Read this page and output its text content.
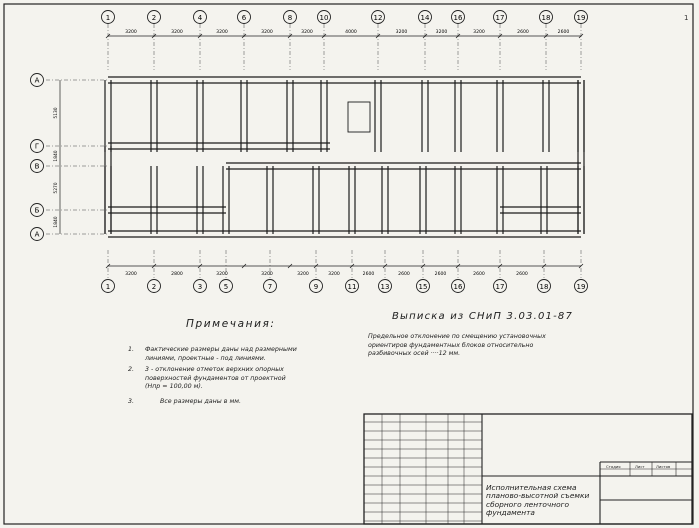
1	2	4	6	8	10	12	14	16	17	18	19
1	2	3	5	7	9	11	13	15	16	17	18	19
A
Г
B
Б
А
3200	3200	3200	3200	3200	4000	3200	3200	3200	2600	2600
3200	2800	3200	3200	3200	3200	2600	2600	2600	2600	2600
5130
1840
5270
1840
Примечания:
1. Фактические размеры даны над размерными
линиями, проектные - под линиями.
2. 3 - отклонение отметок верхних опорных
поверхностей фундаментов от проектной
(Нпр = 100,00 м).
3.	Все размеры даны в мм.
Выписка из СНиП 3.03.01-87
Предельное отклонение по смещению установочных
ориентиров фундаментных блоков относительно
разбивочных осей ····12 мм.
Стадия	Лист	Листов
Исполнительная схема
планово-высотной съемки
сборного ленточного
фундамента
1
